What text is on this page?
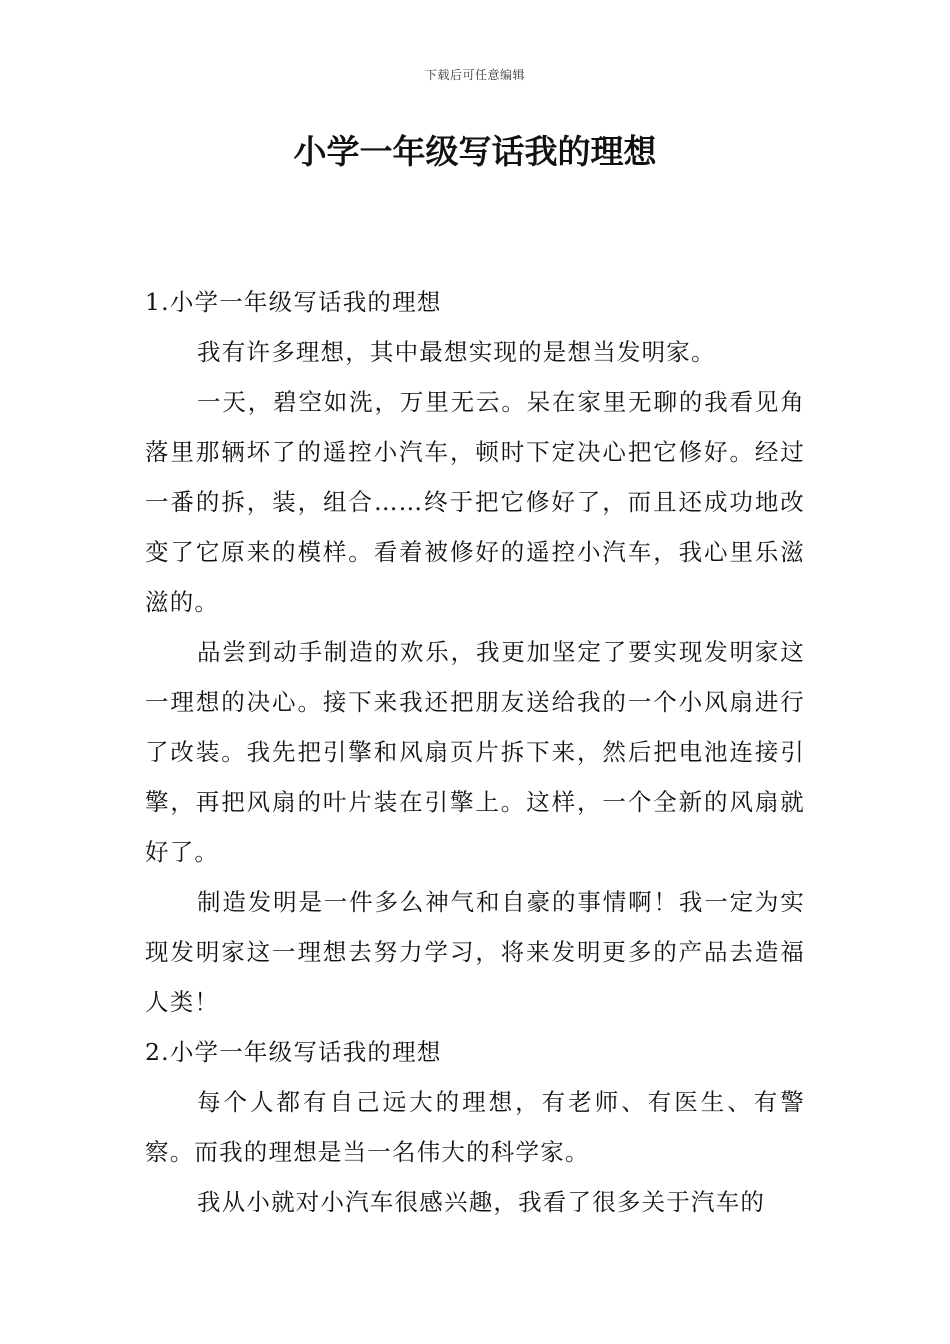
下载后可任意编辑
小学一年级写话我的理想

1.小学一年级写话我的理想

我有许多理想，其中最想实现的是想当发明家。

一天，碧空如洗，万里无云。呆在家里无聊的我看见角落里那辆坏了的遥控小汽车，顿时下定决心把它修好。经过一番的拆，装，组合……终于把它修好了，而且还成功地改变了它原来的模样。看着被修好的遥控小汽车，我心里乐滋滋的。

品尝到动手制造的欢乐，我更加坚定了要实现发明家这一理想的决心。接下来我还把朋友送给我的一个小风扇进行了改装。我先把引擎和风扇页片拆下来，然后把电池连接引擎，再把风扇的叶片装在引擎上。这样，一个全新的风扇就好了。

制造发明是一件多么神气和自豪的事情啊！我一定为实现发明家这一理想去努力学习，将来发明更多的产品去造福人类！

2.小学一年级写话我的理想

每个人都有自己远大的理想，有老师、有医生、有警察。而我的理想是当一名伟大的科学家。

我从小就对小汽车很感兴趣，我看了很多关于汽车的
